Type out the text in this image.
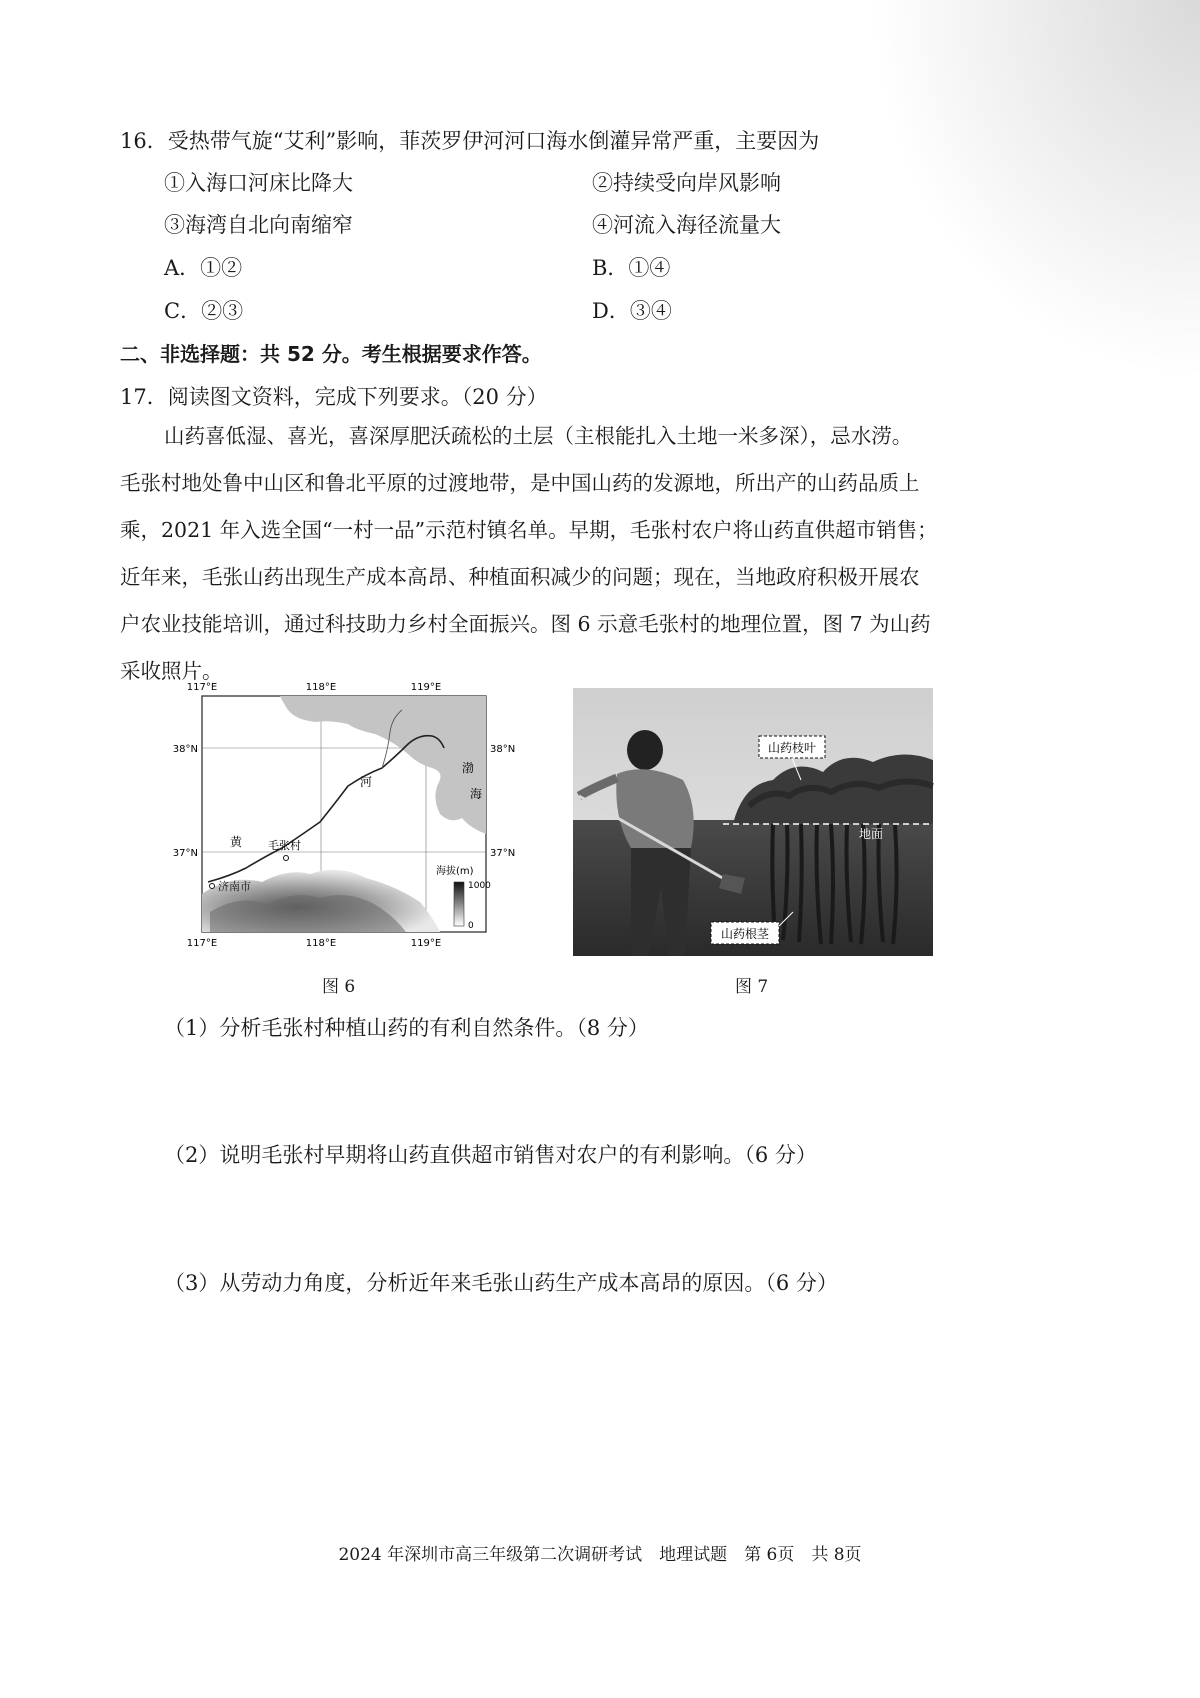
16．受热带气旋“艾利”影响，菲茨罗伊河河口海水倒灌异常严重，主要因为
①入海口河床比降大	②持续受向岸风影响
③海湾自北向南缩窄	④河流入海径流量大
A．①②	B．①④
C．②③	D．③④
二、非选择题：共 52 分。考生根据要求作答。
17．阅读图文资料，完成下列要求。（20 分）
山药喜低湿、喜光，喜深厚肥沃疏松的土层（主根能扎入土地一米多深），忌水涝。
毛张村地处鲁中山区和鲁北平原的过渡地带，是中国山药的发源地，所出产的山药品质上
乘，2021 年入选全国“一村一品”示范村镇名单。早期，毛张村农户将山药直供超市销售；
近年来，毛张山药出现生产成本高昂、种植面积减少的问题；现在，当地政府积极开展农
户农业技能培训，通过科技助力乡村全面振兴。图 6 示意毛张村的地理位置，图 7 为山药
采收照片。
117°E	118°E	119°E
117°E	118°E	119°E
38°N
37°N
38°N
37°N
黄
河
渤
海
毛张村
济南市
海拔(m)
1000
0
图 6
山药枝叶
地面
山药根茎
图 7
（1）分析毛张村种植山药的有利自然条件。（8 分）
（2）说明毛张村早期将山药直供超市销售对农户的有利影响。（6 分）
（3）从劳动力角度，分析近年来毛张山药生产成本高昂的原因。（6 分）
2024 年深圳市高三年级第二次调研考试　地理试题　第 6页　共 8页
